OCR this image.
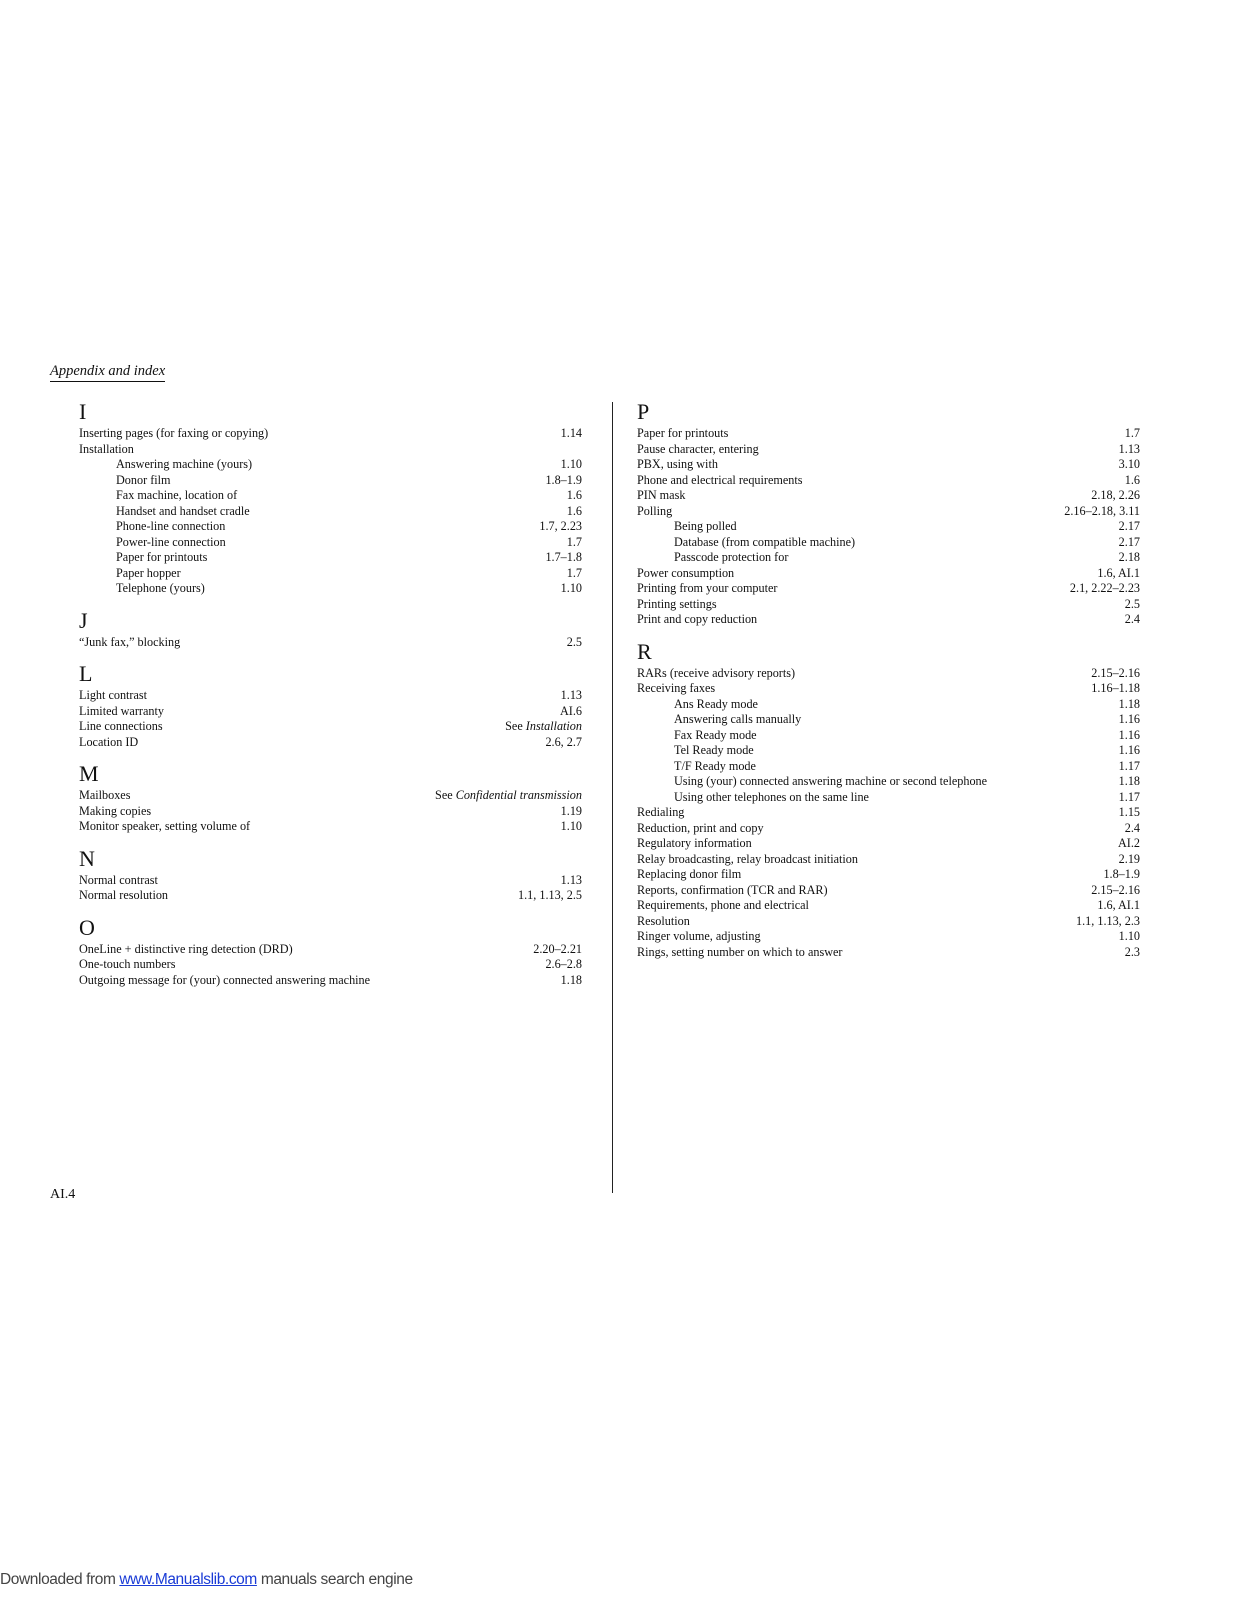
Appendix and index
I
Inserting pages (for faxing or copying)	1.14
Installation
Answering machine (yours)	1.10
Donor film	1.8–1.9
Fax machine, location of	1.6
Handset and handset cradle	1.6
Phone-line connection	1.7, 2.23
Power-line connection	1.7
Paper for printouts	1.7–1.8
Paper hopper	1.7
Telephone (yours)	1.10
J
“Junk fax,” blocking	2.5
L
Light contrast	1.13
Limited warranty	AI.6
Line connections	See Installation
Location ID	2.6, 2.7
M
Mailboxes	See Confidential transmission
Making copies	1.19
Monitor speaker, setting volume of	1.10
N
Normal contrast	1.13
Normal resolution	1.1, 1.13, 2.5
O
OneLine + distinctive ring detection (DRD)	2.20–2.21
One-touch numbers	2.6–2.8
Outgoing message for (your) connected answering machine	1.18
P
Paper for printouts	1.7
Pause character, entering	1.13
PBX, using with	3.10
Phone and electrical requirements	1.6
PIN mask	2.18, 2.26
Polling	2.16–2.18, 3.11
Being polled	2.17
Database (from compatible machine)	2.17
Passcode protection for	2.18
Power consumption	1.6, AI.1
Printing from your computer	2.1, 2.22–2.23
Printing settings	2.5
Print and copy reduction	2.4
R
RARs (receive advisory reports)	2.15–2.16
Receiving faxes	1.16–1.18
Ans Ready mode	1.18
Answering calls manually	1.16
Fax Ready mode	1.16
Tel Ready mode	1.16
T/F Ready mode	1.17
Using (your) connected answering machine or second telephone	1.18
Using other telephones on the same line	1.17
Redialing	1.15
Reduction, print and copy	2.4
Regulatory information	AI.2
Relay broadcasting, relay broadcast initiation	2.19
Replacing donor film	1.8–1.9
Reports, confirmation (TCR and RAR)	2.15–2.16
Requirements, phone and electrical	1.6, AI.1
Resolution	1.1, 1.13, 2.3
Ringer volume, adjusting	1.10
Rings, setting number on which to answer	2.3
AI.4
Downloaded from www.Manualslib.com manuals search engine
